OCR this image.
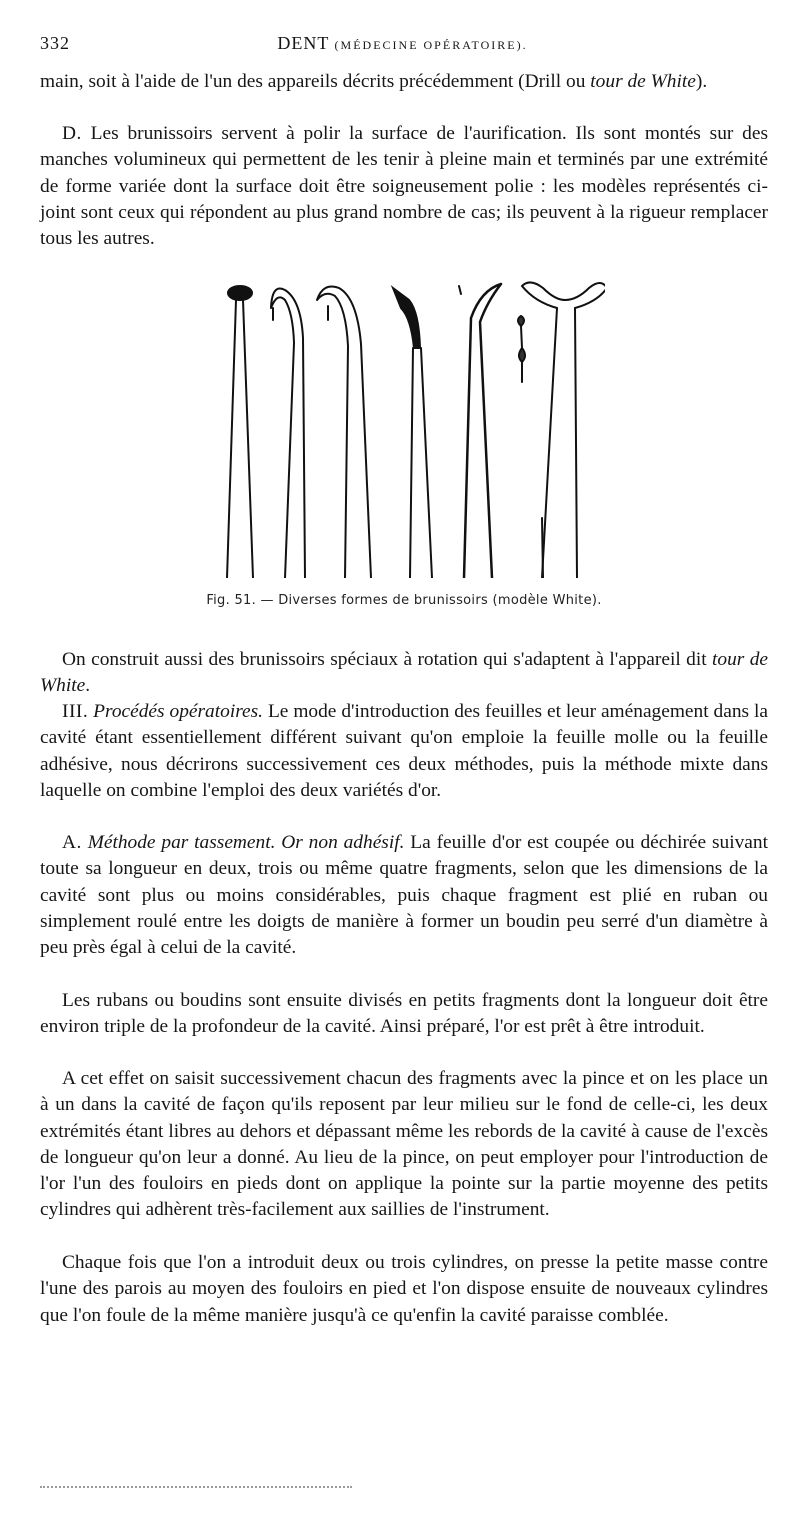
332	DENT (MÉDECINE OPÉRATOIRE).

main, soit à l'aide de l'un des appareils décrits précédemment (Drill ou tour de White).

D. Les brunissoirs servent à polir la surface de l'aurification. Ils sont montés sur des manches volumineux qui permettent de les tenir à pleine main et terminés par une extrémité de forme variée dont la surface doit être soigneusement polie : les modèles représentés ci-joint sont ceux qui répondent au plus grand nombre de cas; ils peuvent à la rigueur remplacer tous les autres.

Fig. 51. — Diverses formes de brunissoirs (modèle White).

On construit aussi des brunissoirs spéciaux à rotation qui s'adaptent à l'appareil dit tour de White.

III. Procédés opératoires. Le mode d'introduction des feuilles et leur aménagement dans la cavité étant essentiellement différent suivant qu'on emploie la feuille molle ou la feuille adhésive, nous décrirons successivement ces deux méthodes, puis la méthode mixte dans laquelle on combine l'emploi des deux variétés d'or.

A. Méthode par tassement. Or non adhésif. La feuille d'or est coupée ou déchirée suivant toute sa longueur en deux, trois ou même quatre fragments, selon que les dimensions de la cavité sont plus ou moins considérables, puis chaque fragment est plié en ruban ou simplement roulé entre les doigts de manière à former un boudin peu serré d'un diamètre à peu près égal à celui de la cavité.

Les rubans ou boudins sont ensuite divisés en petits fragments dont la longueur doit être environ triple de la profondeur de la cavité. Ainsi préparé, l'or est prêt à être introduit.

A cet effet on saisit successivement chacun des fragments avec la pince et on les place un à un dans la cavité de façon qu'ils reposent par leur milieu sur le fond de celle-ci, les deux extrémités étant libres au dehors et dépassant même les rebords de la cavité à cause de l'excès de longueur qu'on leur a donné. Au lieu de la pince, on peut employer pour l'introduction de l'or l'un des fouloirs en pieds dont on applique la pointe sur la partie moyenne des petits cylindres qui adhèrent très-facilement aux saillies de l'instrument.

Chaque fois que l'on a introduit deux ou trois cylindres, on presse la petite masse contre l'une des parois au moyen des fouloirs en pied et l'on dispose ensuite de nouveaux cylindres que l'on foule de la même manière jusqu'à ce qu'enfin la cavité paraisse comblée.
